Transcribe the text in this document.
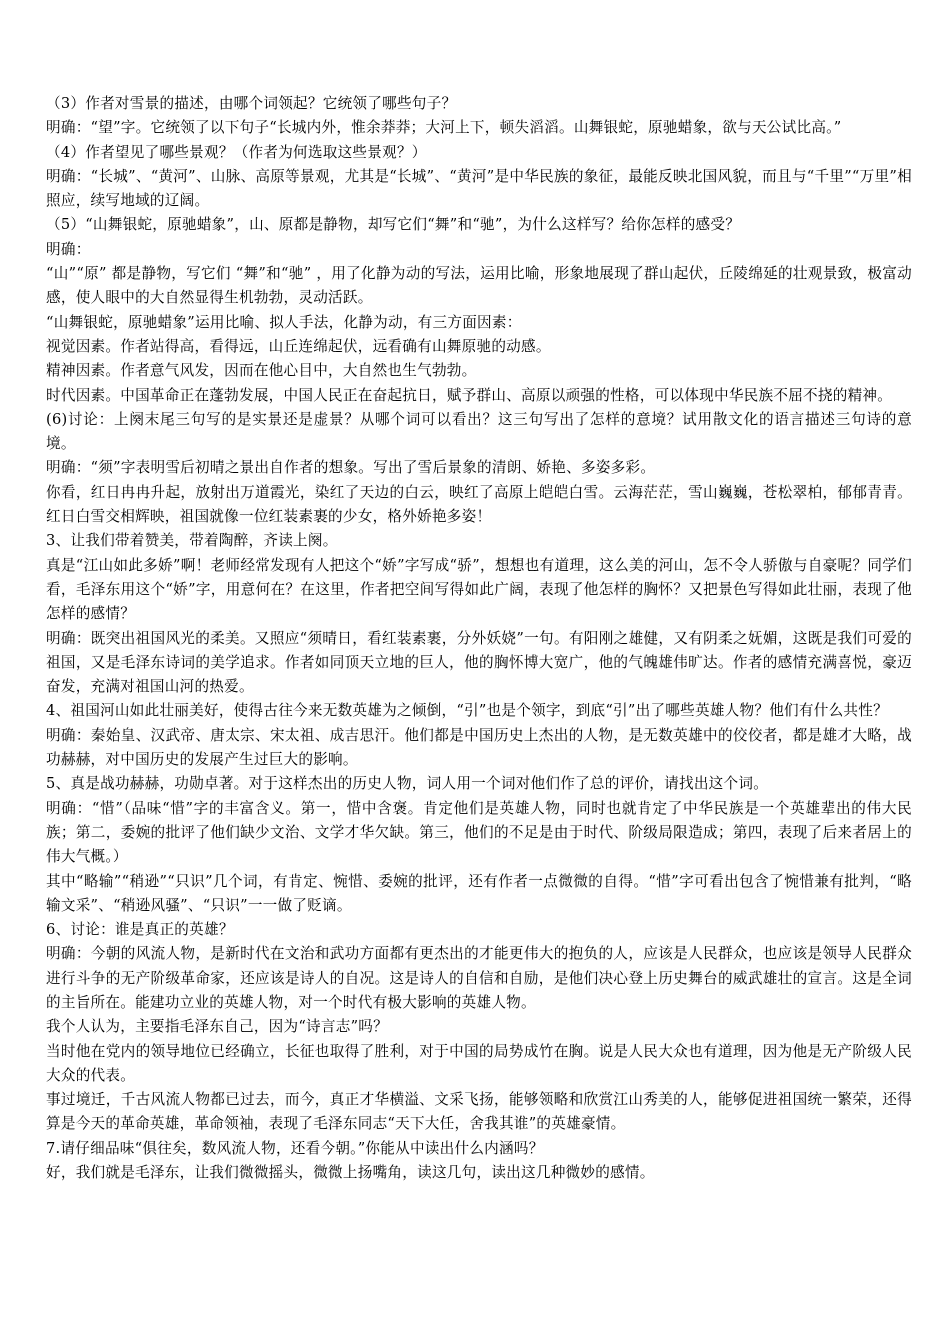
（3）作者对雪景的描述，由哪个词领起？它统领了哪些句子？

明确：“望”字。它统领了以下句子“长城内外，惟余莽莽；大河上下，顿失滔滔。山舞银蛇，原驰蜡象，欲与天公试比高。”

（4）作者望见了哪些景观？（作者为何选取这些景观？）

明确：“长城”、“黄河”、山脉、高原等景观，尤其是“长城”、“黄河”是中华民族的象征，最能反映北国风貌，而且与“千里”“万里”相照应，续写地域的辽阔。

（5）“山舞银蛇，原驰蜡象”，山、原都是静物，却写它们“舞”和“驰”，为什么这样写？给你怎样的感受？

明确：

“山”“原” 都是静物，写它们 “舞”和“驰” ，用了化静为动的写法，运用比喻，形象地展现了群山起伏，丘陵绵延的壮观景致，极富动感，使人眼中的大自然显得生机勃勃，灵动活跃。

“山舞银蛇，原驰蜡象”运用比喻、拟人手法，化静为动，有三方面因素：

视觉因素。作者站得高，看得远，山丘连绵起伏，远看确有山舞原驰的动感。

精神因素。作者意气风发，因而在他心目中，大自然也生气勃勃。

时代因素。中国革命正在蓬勃发展，中国人民正在奋起抗日，赋予群山、高原以顽强的性格，可以体现中华民族不屈不挠的精神。

(6)讨论：上阕末尾三句写的是实景还是虚景？从哪个词可以看出？这三句写出了怎样的意境？试用散文化的语言描述三句诗的意境。

明确：“须”字表明雪后初晴之景出自作者的想象。写出了雪后景象的清朗、娇艳、多姿多彩。

你看，红日冉冉升起，放射出万道霞光，染红了天边的白云，映红了高原上皑皑白雪。云海茫茫，雪山巍巍，苍松翠柏，郁郁青青。红日白雪交相辉映，祖国就像一位红装素裹的少女，格外娇艳多姿！

3、让我们带着赞美，带着陶醉，齐读上阕。

真是“江山如此多娇”啊！老师经常发现有人把这个“娇”字写成“骄”，想想也有道理，这么美的河山，怎不令人骄傲与自豪呢？同学们看，毛泽东用这个“娇”字，用意何在？在这里，作者把空间写得如此广阔，表现了他怎样的胸怀？又把景色写得如此壮丽，表现了他怎样的感情？

明确：既突出祖国风光的柔美。又照应“须晴日，看红装素裹，分外妖娆”一句。有阳刚之雄健，又有阴柔之妩媚，这既是我们可爱的祖国，又是毛泽东诗词的美学追求。作者如同顶天立地的巨人，他的胸怀博大宽广，他的气魄雄伟旷达。作者的感情充满喜悦，豪迈奋发，充满对祖国山河的热爱。

4、祖国河山如此壮丽美好，使得古往今来无数英雄为之倾倒，“引”也是个领字，到底“引”出了哪些英雄人物？他们有什么共性？

明确：秦始皇、汉武帝、唐太宗、宋太祖、成吉思汗。他们都是中国历史上杰出的人物，是无数英雄中的佼佼者，都是雄才大略，战功赫赫，对中国历史的发展产生过巨大的影响。

5、真是战功赫赫，功勋卓著。对于这样杰出的历史人物，词人用一个词对他们作了总的评价，请找出这个词。

明确：“惜”（品味“惜”字的丰富含义。第一，惜中含褒。肯定他们是英雄人物，同时也就肯定了中华民族是一个英雄辈出的伟大民族；第二，委婉的批评了他们缺少文治、文学才华欠缺。第三，他们的不足是由于时代、阶级局限造成；第四，表现了后来者居上的伟大气概。）

其中“略输”“稍逊”“只识”几个词，有肯定、惋惜、委婉的批评，还有作者一点微微的自得。“惜”字可看出包含了惋惜兼有批判，“略输文采”、“稍逊风骚”、“只识”一一做了贬谪。

6、讨论：谁是真正的英雄？

明确：今朝的风流人物，是新时代在文治和武功方面都有更杰出的才能更伟大的抱负的人，应该是人民群众，也应该是领导人民群众进行斗争的无产阶级革命家，还应该是诗人的自况。这是诗人的自信和自励，是他们决心登上历史舞台的威武雄壮的宣言。这是全词的主旨所在。能建功立业的英雄人物，对一个时代有极大影响的英雄人物。

我个人认为，主要指毛泽东自己，因为“诗言志”吗？

当时他在党内的领导地位已经确立，长征也取得了胜利，对于中国的局势成竹在胸。说是人民大众也有道理，因为他是无产阶级人民大众的代表。

事过境迁，千古风流人物都已过去，而今，真正才华横溢、文采飞扬，能够领略和欣赏江山秀美的人，能够促进祖国统一繁荣，还得算是今天的革命英雄，革命领袖，表现了毛泽东同志“天下大任，舍我其谁”的英雄豪情。

7.请仔细品味“俱往矣，数风流人物，还看今朝。”你能从中读出什么内涵吗？

好，我们就是毛泽东，让我们微微摇头，微微上扬嘴角，读这几句，读出这几种微妙的感情。
